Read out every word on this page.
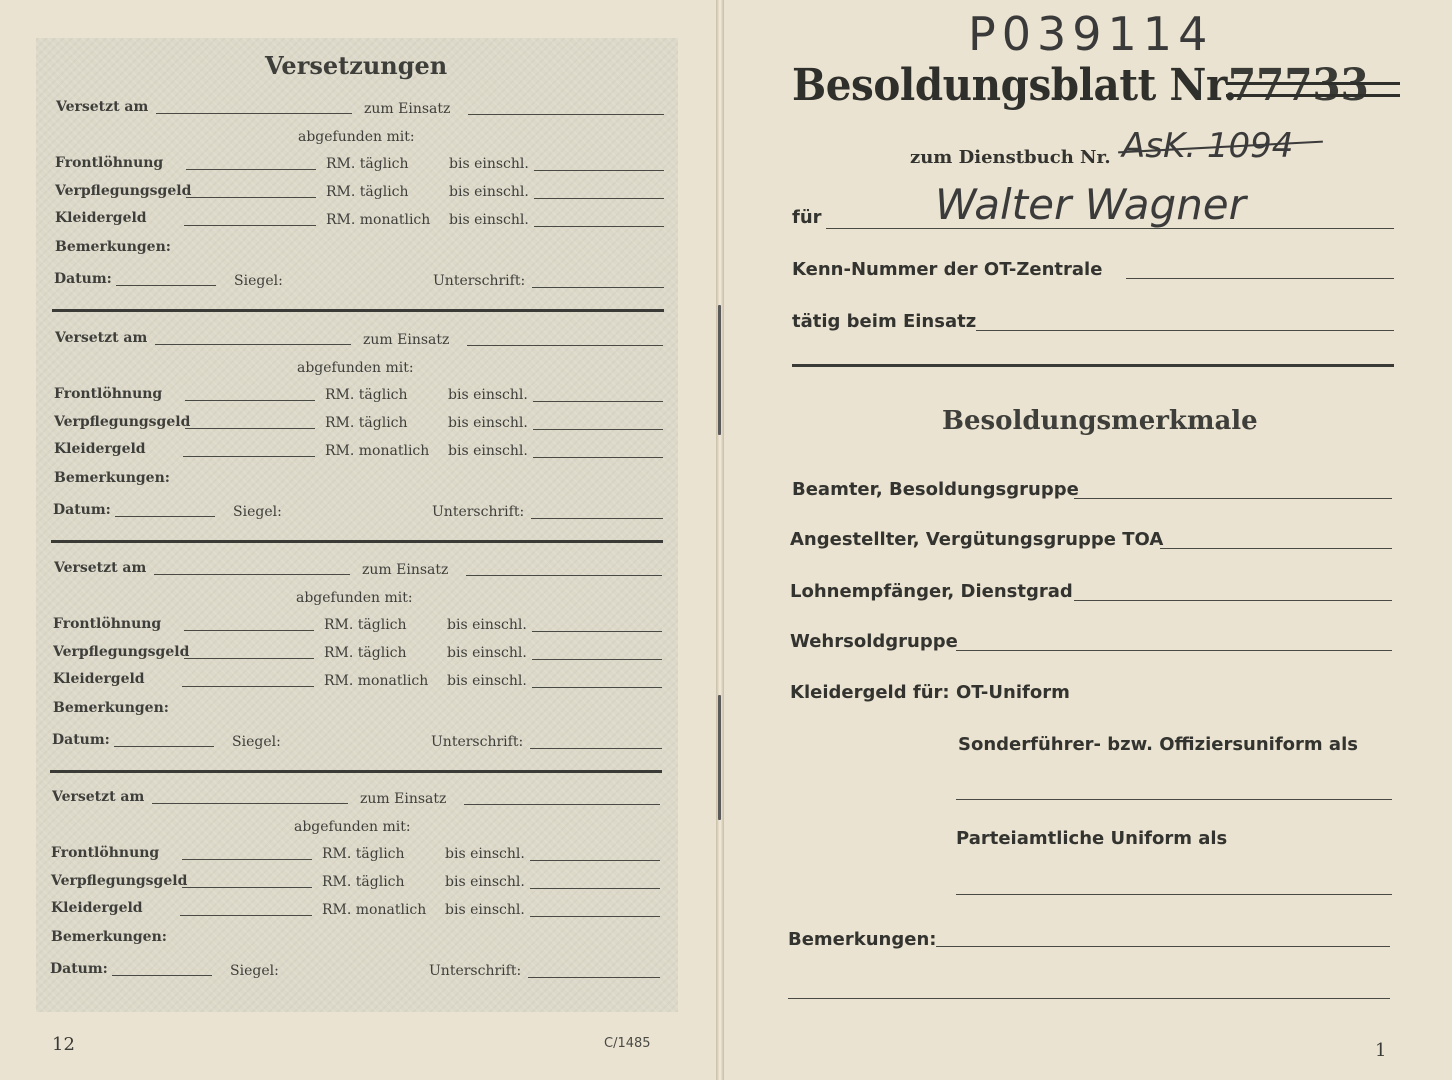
Versetzungen
Versetzt am	zum Einsatz
abgefunden mit:
Frontlöhnung	RM. täglich	bis einschl.
Verpflegungsgeld	RM. täglich	bis einschl.
Kleidergeld	RM. monatlich bis einschl.
Bemerkungen:
Datum:	Siegel:	Unterschrift:
Versetzt am	zum Einsatz
abgefunden mit:
Frontlöhnung	RM. täglich	bis einschl.
Verpflegungsgeld	RM. täglich	bis einschl.
Kleidergeld	RM. monatlich bis einschl.
Bemerkungen:
Datum:	Siegel:	Unterschrift:
Versetzt am	zum Einsatz
abgefunden mit:
Frontlöhnung	RM. täglich	bis einschl.
Verpflegungsgeld	RM. täglich	bis einschl.
Kleidergeld	RM. monatlich bis einschl.
Bemerkungen:
Datum:	Siegel:	Unterschrift:
Versetzt am	zum Einsatz
abgefunden mit:
Frontlöhnung	RM. täglich	bis einschl.
Verpflegungsgeld	RM. täglich	bis einschl.
Kleidergeld	RM. monatlich bis einschl.
Bemerkungen:
Datum:	Siegel:	Unterschrift:
12	C/1485
P039114
Besoldungsblatt Nr.
77733
zum Dienstbuch Nr. AsK. 1094
für	Walter Wagner
Kenn-Nummer der OT-Zentrale
tätig beim Einsatz
Besoldungsmerkmale
Beamter, Besoldungsgruppe
Angestellter, Vergütungsgruppe TOA
Lohnempfänger, Dienstgrad
Wehrsoldgruppe
Kleidergeld für: OT-Uniform
Sonderführer- bzw. Offiziersuniform als
Parteiamtliche Uniform als
Bemerkungen:
1
